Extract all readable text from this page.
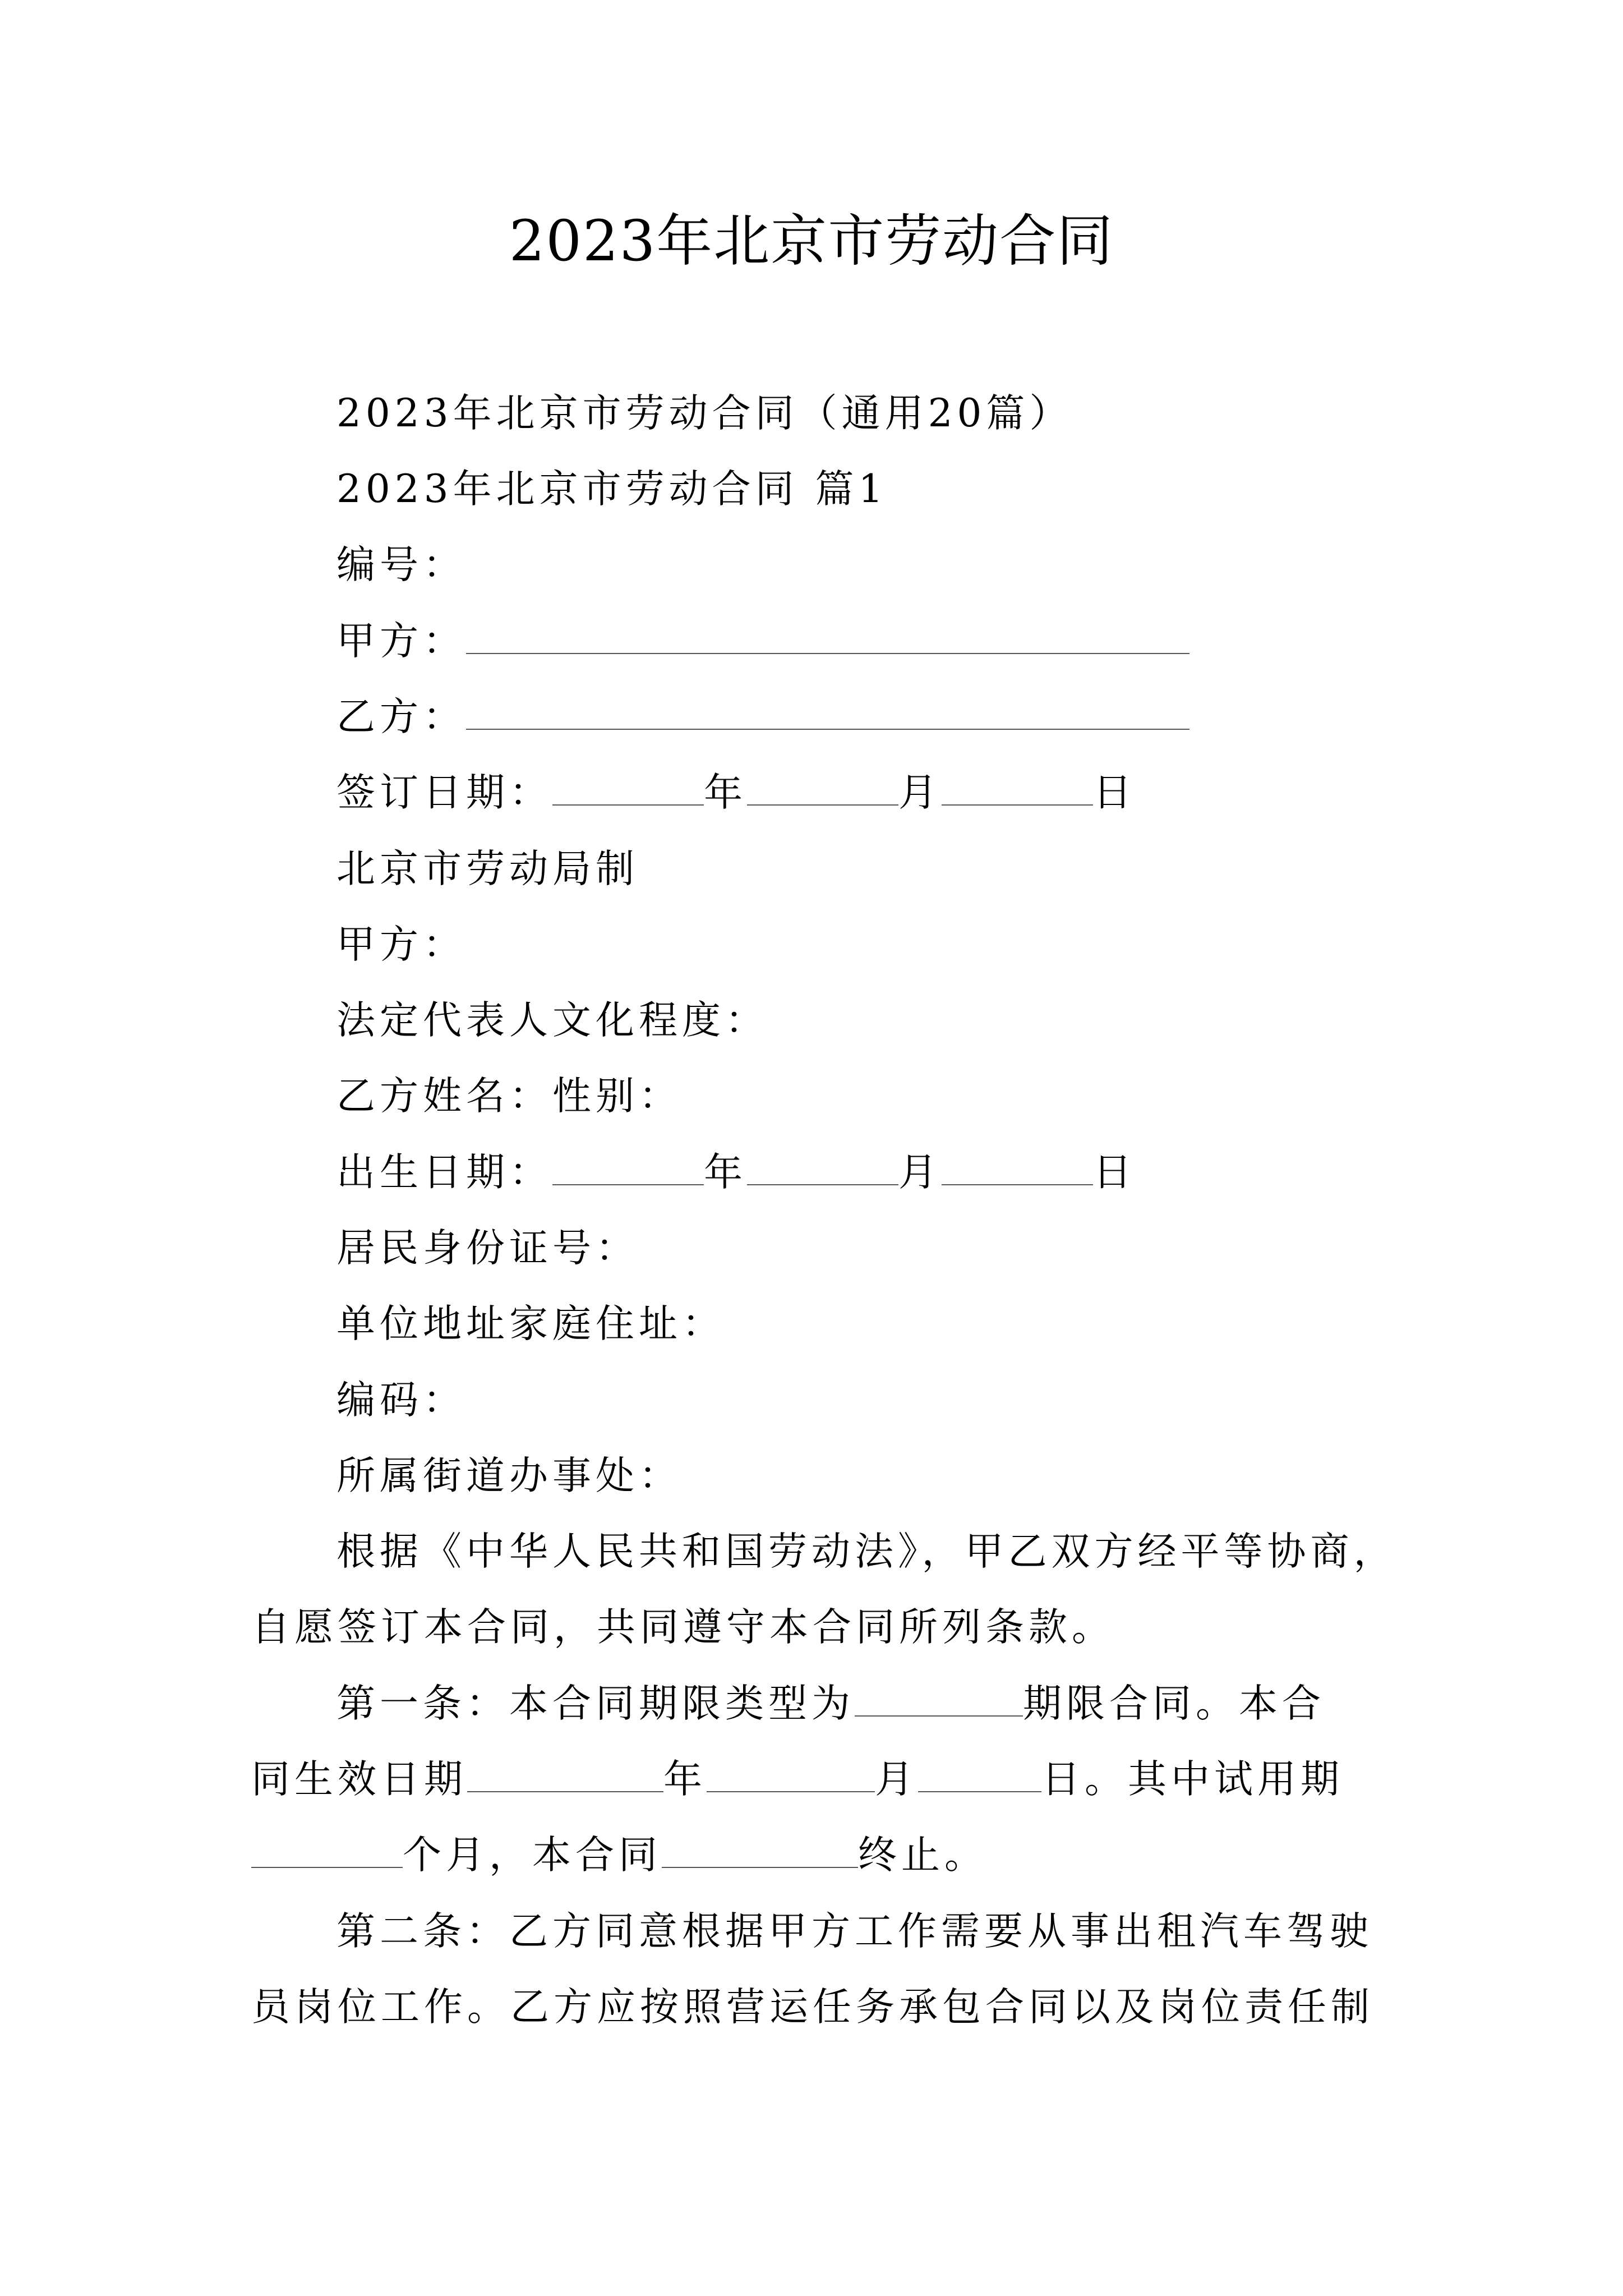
2023年北京市劳动合同
2023年北京市劳动合同（通用20篇）
2023年北京市劳动合同 篇1
编号：
甲方：
乙方：
签订日期：	年	月	日
北京市劳动局制
甲方：
法定代表人文化程度：
乙方姓名：性别：
出生日期：	年	月	日
居民身份证号：
单位地址家庭住址：
编码：
所属街道办事处：
根据《中华人民共和国劳动法》，甲乙双方经平等协商，
自愿签订本合同，共同遵守本合同所列条款。
第一条：本合同期限类型为	期限合同。本合
同生效日期	年	月	日。其中试用期
个月，本合同	终止。
第二条：乙方同意根据甲方工作需要从事出租汽车驾驶
员岗位工作。乙方应按照营运任务承包合同以及岗位责任制
